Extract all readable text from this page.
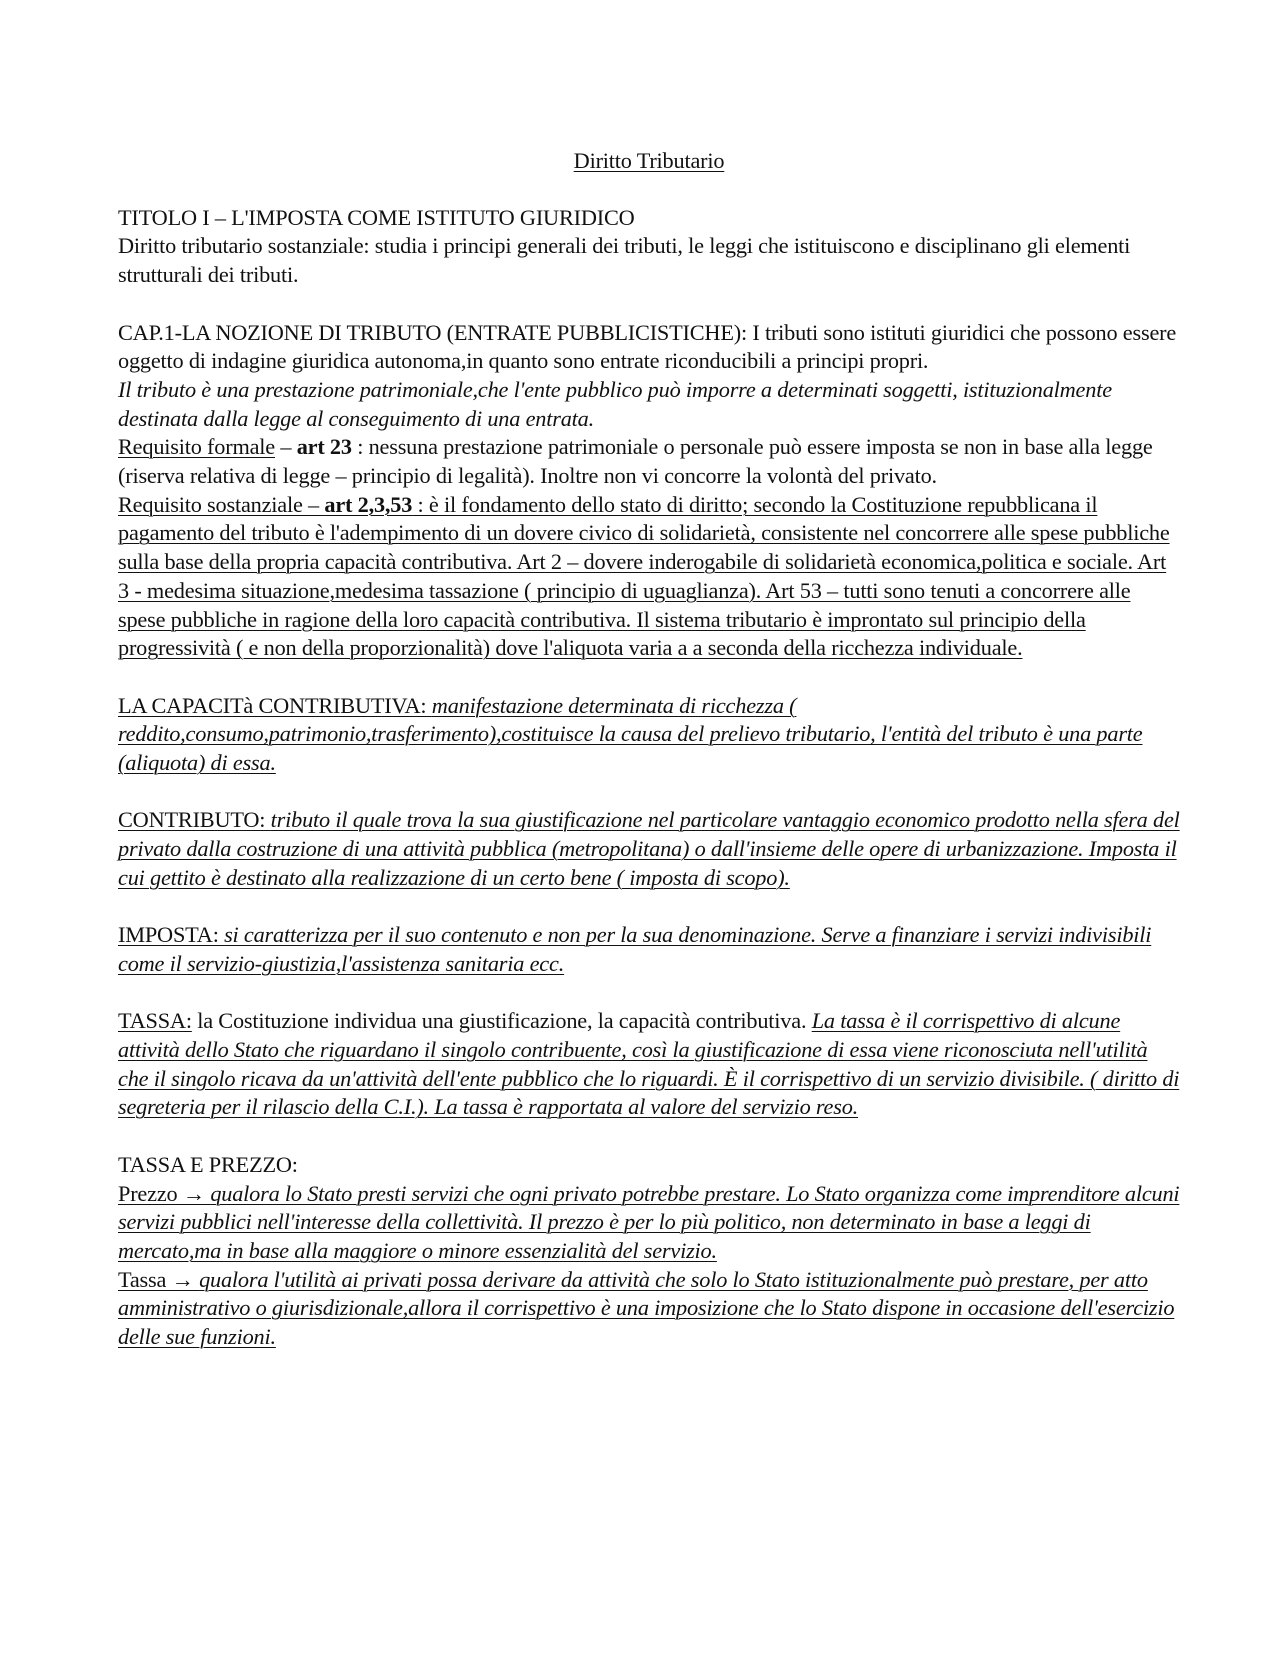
Diritto Tributario

TITOLO I – L'IMPOSTA COME ISTITUTO GIURIDICO

Diritto tributario sostanziale: studia i principi generali dei tributi, le leggi che istituiscono e disciplinano gli elementi strutturali dei tributi.

CAP.1-LA NOZIONE DI TRIBUTO (ENTRATE PUBBLICISTICHE): I tributi sono istituti giuridici che possono essere oggetto di indagine giuridica autonoma,in quanto sono entrate riconducibili a principi propri.

Il tributo è una prestazione patrimoniale,che l'ente pubblico può imporre a determinati soggetti, istituzionalmente destinata dalla legge al conseguimento di una entrata.

Requisito formale – art 23 : nessuna prestazione patrimoniale o personale può essere imposta se non in base alla legge (riserva relativa di legge – principio di legalità). Inoltre non vi concorre la volontà del privato.

Requisito sostanziale – art 2,3,53 : è il fondamento dello stato di diritto; secondo la Costituzione repubblicana il pagamento del tributo è l'adempimento di un dovere civico di solidarietà, consistente nel concorrere alle spese pubbliche sulla base della propria capacità contributiva. Art 2 – dovere inderogabile di solidarietà economica,politica e sociale. Art 3 - medesima situazione,medesima tassazione ( principio di uguaglianza). Art 53 – tutti sono tenuti a concorrere alle spese pubbliche in ragione della loro capacità contributiva. Il sistema tributario è improntato sul principio della progressività ( e non della proporzionalità) dove l'aliquota varia a a seconda della ricchezza individuale.

LA CAPACITà CONTRIBUTIVA: manifestazione determinata di ricchezza ( reddito,consumo,patrimonio,trasferimento),costituisce la causa del prelievo tributario, l'entità del tributo è una parte (aliquota) di essa.

CONTRIBUTO: tributo il quale trova la sua giustificazione nel particolare vantaggio economico prodotto nella sfera del privato dalla costruzione di una attività pubblica (metropolitana) o dall'insieme delle opere di urbanizzazione. Imposta il cui gettito è destinato alla realizzazione di un certo bene ( imposta di scopo).

IMPOSTA: si caratterizza per il suo contenuto e non per la sua denominazione. Serve a finanziare i servizi indivisibili come il servizio-giustizia,l'assistenza sanitaria ecc.

TASSA: la Costituzione individua una giustificazione, la capacità contributiva. La tassa è il corrispettivo di alcune attività dello Stato che riguardano il singolo contribuente, così la giustificazione di essa viene riconosciuta nell'utilità che il singolo ricava da un'attività dell'ente pubblico che lo riguardi. È il corrispettivo di un servizio divisibile. ( diritto di segreteria per il rilascio della C.I.). La tassa è rapportata al valore del servizio reso.

TASSA E PREZZO:

Prezzo → qualora lo Stato presti servizi che ogni privato potrebbe prestare. Lo Stato organizza come imprenditore alcuni servizi pubblici nell'interesse della collettività. Il prezzo è per lo più politico, non determinato in base a leggi di mercato,ma in base alla maggiore o minore essenzialità del servizio.

Tassa → qualora l'utilità ai privati possa derivare da attività che solo lo Stato istituzionalmente può prestare, per atto amministrativo o giurisdizionale,allora il corrispettivo è una imposizione che lo Stato dispone in occasione dell'esercizio delle sue funzioni.
